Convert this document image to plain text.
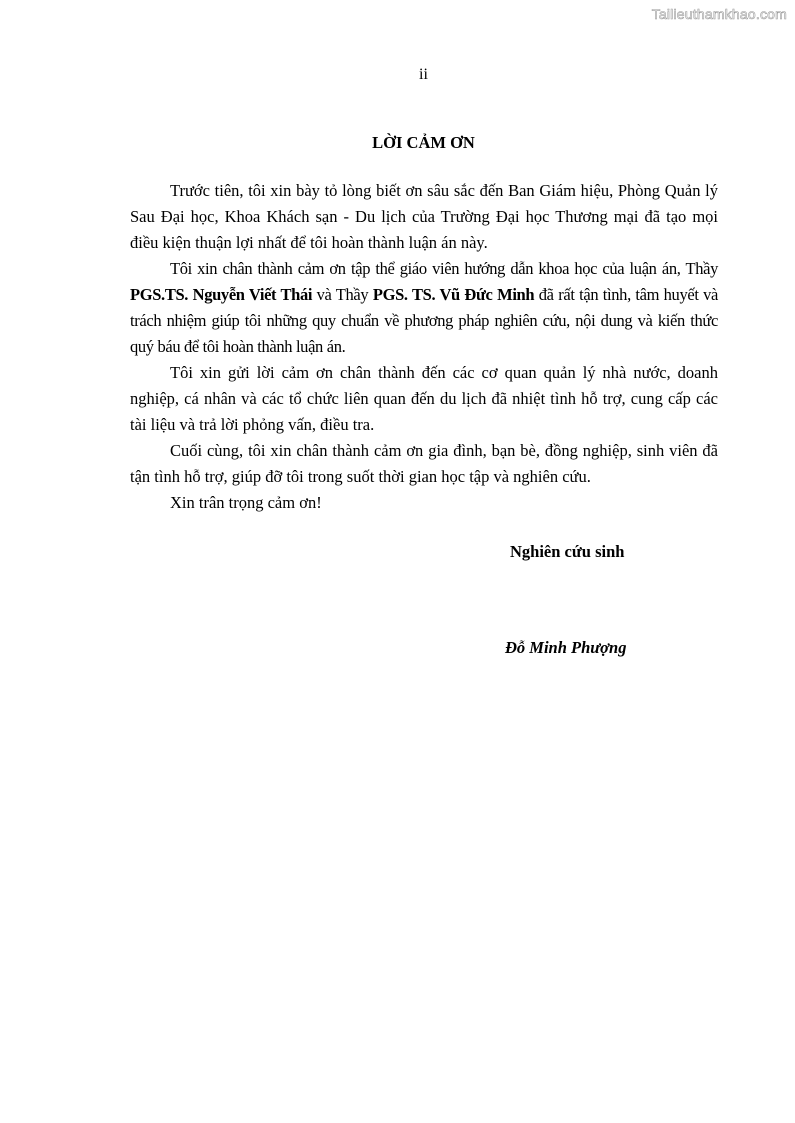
Tailieuthamkhao.com
ii
LỜI CẢM ƠN

Trước tiên, tôi xin bày tỏ lòng biết ơn sâu sắc đến Ban Giám hiệu, Phòng Quản lý Sau Đại học, Khoa Khách sạn - Du lịch của Trường Đại học Thương mại đã tạo mọi điều kiện thuận lợi nhất để tôi hoàn thành luận án này.

Tôi xin chân thành cảm ơn tập thể giáo viên hướng dẫn khoa học của luận án, Thầy PGS.TS. Nguyễn Viết Thái và Thầy PGS. TS. Vũ Đức Minh đã rất tận tình, tâm huyết và trách nhiệm giúp tôi những quy chuẩn về phương pháp nghiên cứu, nội dung và kiến thức quý báu để tôi hoàn thành luận án.

Tôi xin gửi lời cảm ơn chân thành đến các cơ quan quản lý nhà nước, doanh nghiệp, cá nhân và các tổ chức liên quan đến du lịch đã nhiệt tình hỗ trợ, cung cấp các tài liệu và trả lời phỏng vấn, điều tra.

Cuối cùng, tôi xin chân thành cảm ơn gia đình, bạn bè, đồng nghiệp, sinh viên đã tận tình hỗ trợ, giúp đỡ tôi trong suốt thời gian học tập và nghiên cứu.

Xin trân trọng cảm ơn!

Nghiên cứu sinh
Đỗ Minh Phượng
